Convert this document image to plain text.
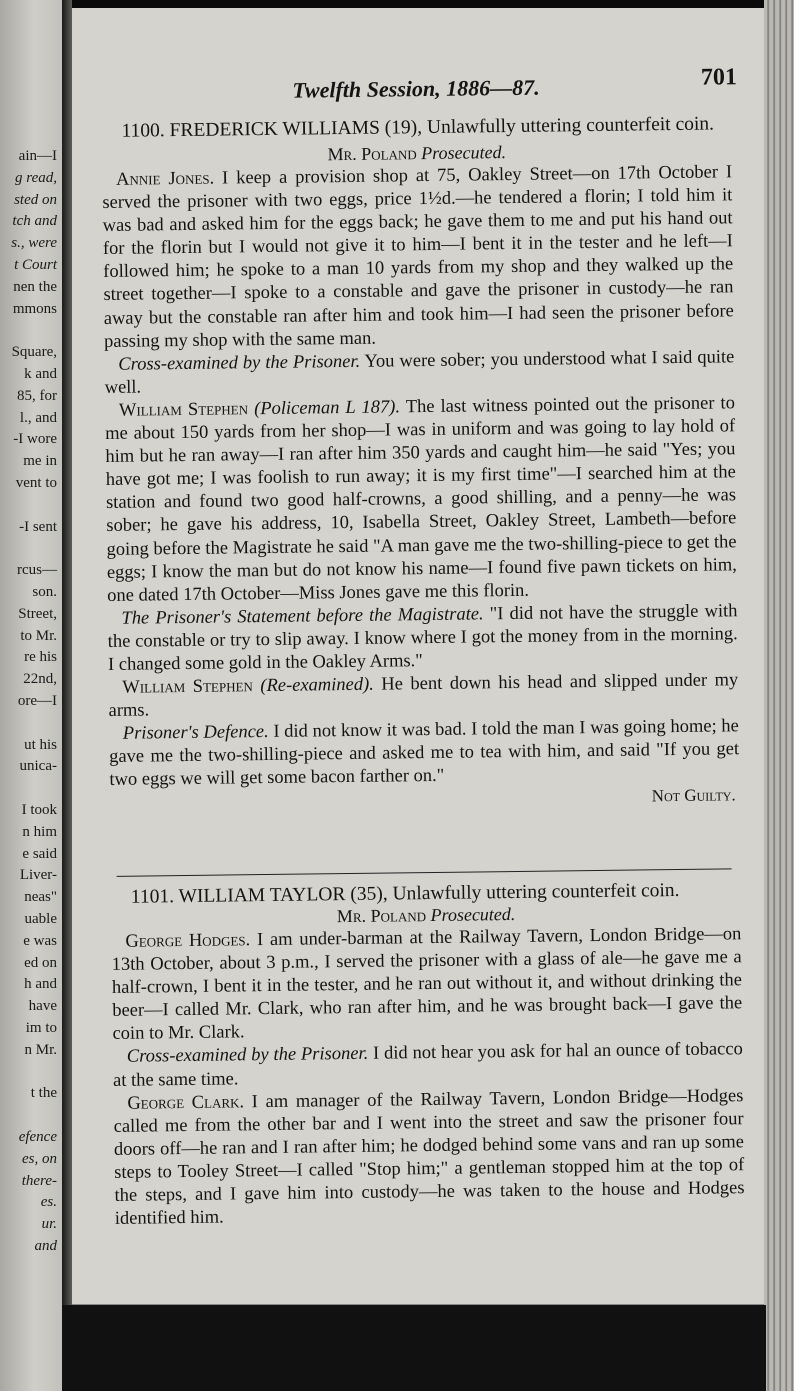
ain—I
g read,
sted on
tch and
s., were
t Court
nen the
mmons
Square,
k and
85, for
l., and
-I wore
me in
vent to
-I sent
rcus—
son.
Street,
to Mr.
re his
22nd,
ore—I
ut his
unica-
I took
n him
e said
Liver-
neas"
uable
e was
ed on
h and
have
im to
n Mr.
t the
efence
es, on
there-
es.
ur.
and
Twelfth Session, 1886—87.	701
1100. FREDERICK WILLIAMS (19), Unlawfully uttering counterfeit coin.
Mr. Poland Prosecuted.

Annie Jones. I keep a provision shop at 75, Oakley Street—on 17th October I served the prisoner with two eggs, price 1½d.—he tendered a florin; I told him it was bad and asked him for the eggs back; he gave them to me and put his hand out for the florin but I would not give it to him—I bent it in the tester and he left—I followed him; he spoke to a man 10 yards from my shop and they walked up the street together—I spoke to a constable and gave the prisoner in custody—he ran away but the constable ran after him and took him—I had seen the prisoner before passing my shop with the same man.

Cross-examined by the Prisoner. You were sober; you understood what I said quite well.

William Stephen (Policeman L 187). The last witness pointed out the prisoner to me about 150 yards from her shop—I was in uniform and was going to lay hold of him but he ran away—I ran after him 350 yards and caught him—he said "Yes; you have got me; I was foolish to run away; it is my first time"—I searched him at the station and found two good half-crowns, a good shilling, and a penny—he was sober; he gave his address, 10, Isabella Street, Oakley Street, Lambeth—before going before the Magistrate he said "A man gave me the two-shilling-piece to get the eggs; I know the man but do not know his name—I found five pawn tickets on him, one dated 17th October—Miss Jones gave me this florin.

The Prisoner's Statement before the Magistrate. "I did not have the struggle with the constable or try to slip away. I know where I got the money from in the morning. I changed some gold in the Oakley Arms."

William Stephen (Re-examined). He bent down his head and slipped under my arms.

Prisoner's Defence. I did not know it was bad. I told the man I was going home; he gave me the two-shilling-piece and asked me to tea with him, and said "If you get two eggs we will get some bacon farther on."

Not Guilty.
1101. WILLIAM TAYLOR (35), Unlawfully uttering counterfeit coin.
Mr. Poland Prosecuted.

George Hodges. I am under-barman at the Railway Tavern, London Bridge—on 13th October, about 3 p.m., I served the prisoner with a glass of ale—he gave me a half-crown, I bent it in the tester, and he ran out without it, and without drinking the beer—I called Mr. Clark, who ran after him, and he was brought back—I gave the coin to Mr. Clark.

Cross-examined by the Prisoner. I did not hear you ask for hal an ounce of tobacco at the same time.

George Clark. I am manager of the Railway Tavern, London Bridge—Hodges called me from the other bar and I went into the street and saw the prisoner four doors off—he ran and I ran after him; he dodged behind some vans and ran up some steps to Tooley Street—I called "Stop him;" a gentleman stopped him at the top of the steps, and I gave him into custody—he was taken to the house and Hodges identified him.
